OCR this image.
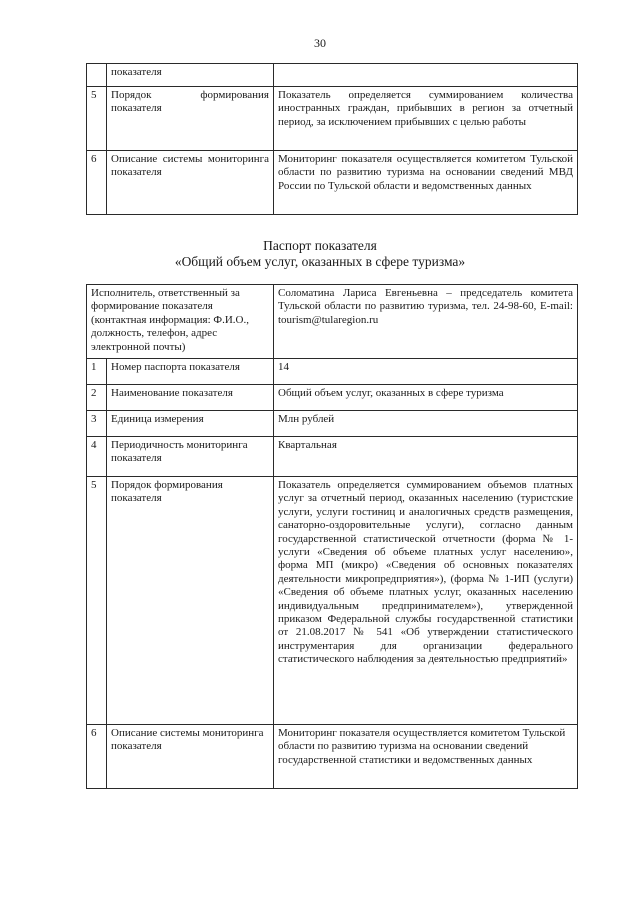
30
	показателя	
5	Порядок формирования показателя	Показатель определяется суммированием количества иностранных граждан, прибывших в регион за отчетный период, за исключением прибывших с целью работы
6	Описание системы мониторинга показателя	Мониторинг показателя осуществляется комитетом Тульской области по развитию туризма на основании сведений МВД России по Тульской области и ведомственных данных
Паспорт показателя
«Общий объем услуг, оказанных в сфере туризма»
Исполнитель, ответственный за формирование показателя (контактная информация: Ф.И.О., должность, телефон, адрес электронной почты)		Соломатина Лариса Евгеньевна – председатель комитета Тульской области по развитию туризма, тел. 24-98-60, E-mail: tourism@tularegion.ru
1	Номер паспорта показателя	14
2	Наименование показателя	Общий объем услуг, оказанных в сфере туризма
3	Единица измерения	Млн рублей
4	Периодичность мониторинга показателя	Квартальная
5	Порядок формирования показателя	Показатель определяется суммированием объемов платных услуг за отчетный период, оказанных населению (туристские услуги, услуги гостиниц и аналогичных средств размещения, санаторно-оздоровительные услуги), согласно данным государственной статистической отчетности (форма № 1-услуги «Сведения об объеме платных услуг населению», форма МП (микро) «Сведения об основных показателях деятельности микропредприятия»), (форма № 1-ИП (услуги) «Сведения об объеме платных услуг, оказанных населению индивидуальным предпринимателем»), утвержденной приказом Федеральной службы государственной статистики от 21.08.2017 № 541 «Об утверждении статистического инструментария для организации федерального статистического наблюдения за деятельностью предприятий»
6	Описание системы мониторинга показателя	Мониторинг показателя осуществляется комитетом Тульской области по развитию туризма на основании сведений государственной статистики и ведомственных данных
